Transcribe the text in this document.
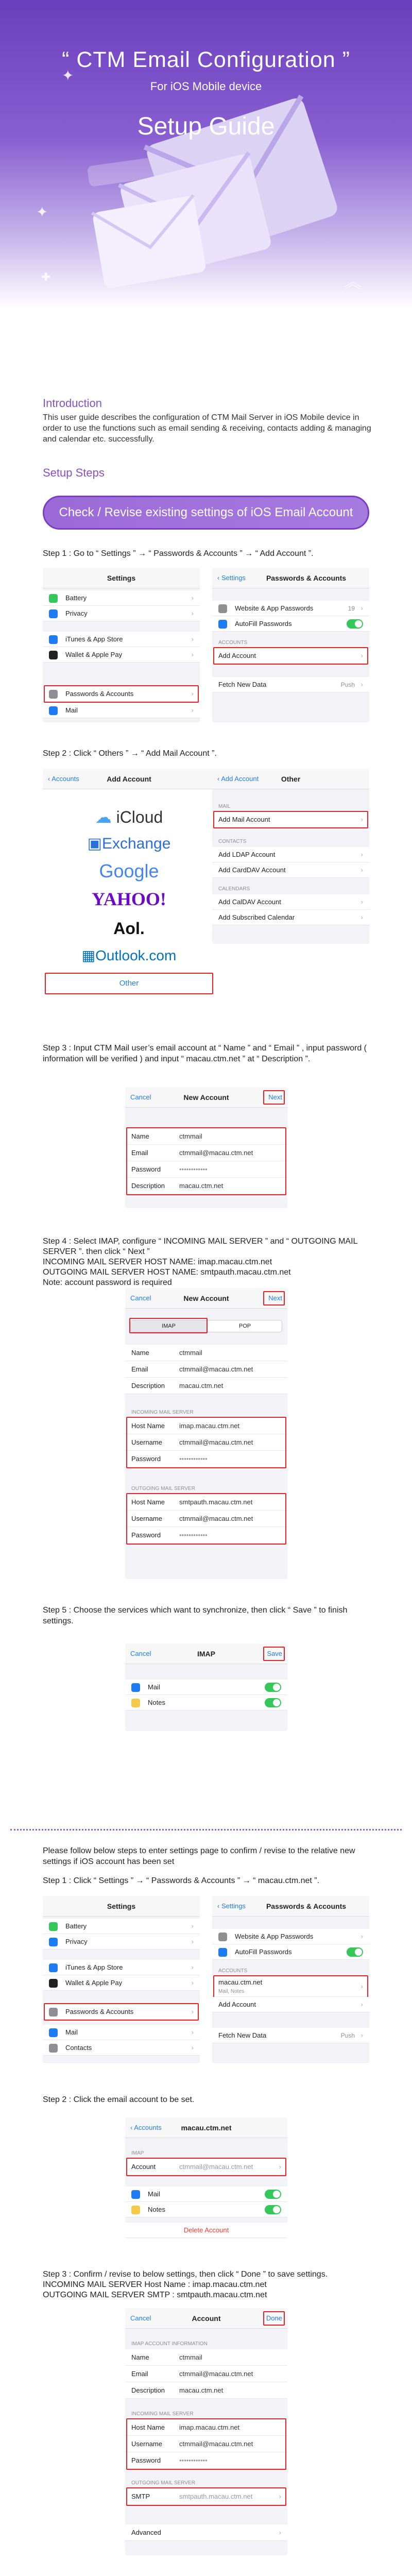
✦
✦
︽
✚
“ CTM Email Configuration ”
For iOS Mobile device
Setup Guide
Introduction
This user guide describes the configuration of CTM Mail Server in iOS Mobile device in order to use the functions such as email sending & receiving, contacts adding & managing and calendar etc. successfully.
Setup Steps
Check / Revise existing settings of iOS Email Account
Step 1 : Go to “ Settings ” → “ Passwords & Accounts ” → “ Add Account ”.
Settings
Battery	›
Privacy	›
iTunes & App Store	›
Wallet & Apple Pay	›
Passwords & Accounts	›
Mail	›
‹ Settings	Passwords & Accounts
Website & App Passwords	19 ›
AutoFill Passwords
ACCOUNTS
Add Account	›
Fetch New Data	Push ›
Step 2 : Click “ Others ” → “ Add Mail Account ”.
‹ Accounts	Add Account
☁ iCloud
▣Exchange
Google
YAHOO!
Aol.
▦Outlook.com
Other
‹ Add Account	Other
MAIL
Add Mail Account	›
CONTACTS
Add LDAP Account	›
Add CardDAV Account	›
CALENDARS
Add CalDAV Account	›
Add Subscribed Calendar	›
Step 3 : Input CTM Mail user’s email account at “ Name ” and “ Email ” , input password ( information will be verified ) and input “ macau.ctm.net ” at “ Description ”.
Cancel	New Account	Next
Name	ctmmail
Email	ctmmail@macau.ctm.net
Password	••••••••••••
Description	macau.ctm.net
Step 4 : Select IMAP, configure “ INCOMING MAIL SERVER ” and “ OUTGOING MAIL SERVER ”. then click “ Next ”
INCOMING MAIL SERVER HOST NAME: imap.macau.ctm.net
OUTGOING MAIL SERVER HOST NAME: smtpauth.macau.ctm.net
Note: account password is required
Cancel	New Account	Next
IMAP	POP
Name	ctmmail
Email	ctmmail@macau.ctm.net
Description	macau.ctm.net
INCOMING MAIL SERVER
Host Name	imap.macau.ctm.net
Username	ctmmail@macau.ctm.net
Password	••••••••••••
OUTGOING MAIL SERVER
Host Name	smtpauth.macau.ctm.net
Username	ctmmail@macau.ctm.net
Password	••••••••••••
Step 5 : Choose the services which want to synchronize, then click “ Save ” to finish settings.
Cancel	IMAP	Save
Mail
Notes
Please follow below steps to enter settings page to confirm / revise to the relative new settings if iOS account has been set
Step 1 : Click “ Settings ” → “ Passwords & Accounts ” → “ macau.ctm.net ”.
Settings
Battery	›
Privacy	›
iTunes & App Store	›
Wallet & Apple Pay	›
Passwords & Accounts	›
Mail	›
Contacts	›
‹ Settings	Passwords & Accounts
Website & App Passwords	›
AutoFill Passwords
ACCOUNTS
macau.ctm.net
Mail, Notes
›
Add Account	›
Fetch New Data	Push ›
Step 2 : Click the email account to be set.
‹ Accounts	macau.ctm.net
IMAP
Account	ctmmail@macau.ctm.net	›
Mail
Notes
Delete Account
Step 3 : Confirm / revise to below settings, then click “ Done ” to save settings.
INCOMING MAIL SERVER Host Name : imap.macau.ctm.net
OUTGOING MAIL SERVER SMTP : smtpauth.macau.ctm.net
Cancel	Account	Done
IMAP ACCOUNT INFORMATION
Name	ctmmail
Email	ctmmail@macau.ctm.net
Description	macau.ctm.net
INCOMING MAIL SERVER
Host Name	imap.macau.ctm.net
Username	ctmmail@macau.ctm.net
Password	••••••••••••
OUTGOING MAIL SERVER
SMTP	smtpauth.macau.ctm.net	›
Advanced	›
